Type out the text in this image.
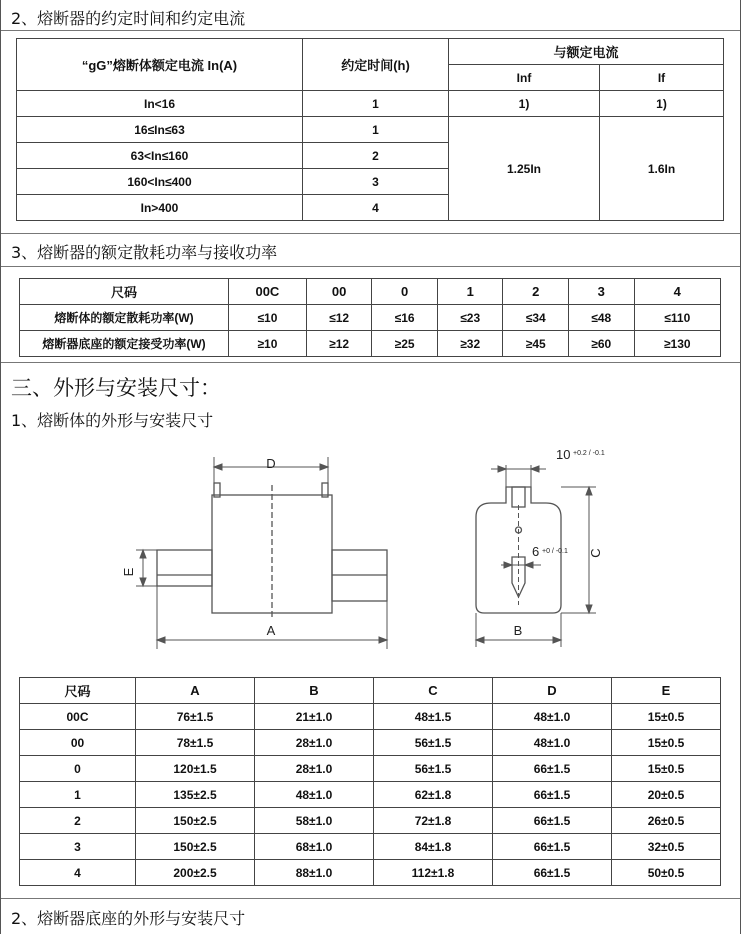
2、熔断器的约定时间和约定电流
“gG”熔断体额定电流 In(A)	约定时间(h)	与额定电流	
		Inf	If
In<16	1	1)	1)
16≤In≤63	1	1.25In	1.6In
63<In≤160	2		
160<In≤400	3		
In>400	4		
3、熔断器的额定散耗功率与接收功率
尺码	00C	00	0	1	2	3	4
熔断体的额定散耗功率(W)	≤10	≤12	≤16	≤23	≤34	≤48	≤110
熔断器底座的额定接受功率(W)	≥10	≥12	≥25	≥32	≥45	≥60	≥130
三、外形与安装尺寸：
1、熔断体的外形与安装尺寸
D
A
E
10 +0.2 / -0.1
6 +0 / -0.1 C
B
尺码	A	B	C	D	E
00C	76±1.5	21±1.0	48±1.5	48±1.0	15±0.5
00	78±1.5	28±1.0	56±1.5	48±1.0	15±0.5
0	120±1.5	28±1.0	56±1.5	66±1.5	15±0.5
1	135±2.5	48±1.0	62±1.8	66±1.5	20±0.5
2	150±2.5	58±1.0	72±1.8	66±1.5	26±0.5
3	150±2.5	68±1.0	84±1.8	66±1.5	32±0.5
4	200±2.5	88±1.0	112±1.8	66±1.5	50±0.5
2、熔断器底座的外形与安装尺寸
